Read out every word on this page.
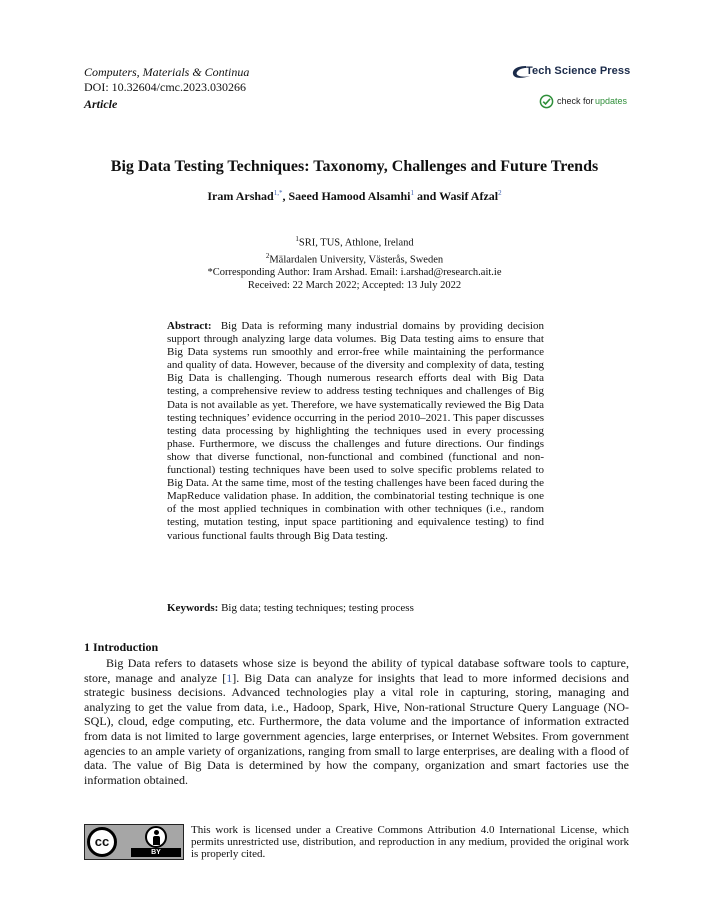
Computers, Materials & Continua
DOI: 10.32604/cmc.2023.030266
Article
Tech Science Press
check for updates
Big Data Testing Techniques: Taxonomy, Challenges and Future Trends
Iram Arshad$^{1,*}$, Saeed Hamood Alsamhi$^1$ and Wasif Afzal$^2$
$^1$SRI, TUS, Athlone, Ireland
$^2$Mälardalen University, Västerås, Sweden
*Corresponding Author: Iram Arshad. Email: i.arshad@research.ait.ie
Received: 22 March 2022; Accepted: 13 July 2022
Abstract: Big Data is reforming many industrial domains by providing decision support through analyzing large data volumes. Big Data testing aims to ensure that Big Data systems run smoothly and error-free while maintaining the performance and quality of data. However, because of the diversity and complexity of data, testing Big Data is challenging. Though numerous research efforts deal with Big Data testing, a comprehensive review to address testing techniques and challenges of Big Data is not available as yet. Therefore, we have systematically reviewed the Big Data testing techniques’ evidence occurring in the period 2010–2021. This paper discusses testing data processing by highlighting the techniques used in every processing phase. Furthermore, we discuss the challenges and future directions. Our findings show that diverse functional, non-functional and combined (functional and non-functional) testing techniques have been used to solve specific problems related to Big Data. At the same time, most of the testing challenges have been faced during the MapReduce validation phase. In addition, the combinatorial testing technique is one of the most applied techniques in combination with other techniques (i.e., random testing, mutation testing, input space partitioning and equivalence testing) to find various functional faults through Big Data testing.
Keywords: Big data; testing techniques; testing process
1 Introduction
Big Data refers to datasets whose size is beyond the ability of typical database software tools to capture, store, manage and analyze [1]. Big Data can analyze for insights that lead to more informed decisions and strategic business decisions. Advanced technologies play a vital role in capturing, storing, managing and analyzing to get the value from data, i.e., Hadoop, Spark, Hive, Non-rational Structure Query Language (NO-SQL), cloud, edge computing, etc. Furthermore, the data volume and the importance of information extracted from data is not limited to large government agencies, large enterprises, or Internet Websites. From government agencies to an ample variety of organizations, ranging from small to large enterprises, are dealing with a flood of data. The value of Big Data is determined by how the company, organization and smart factories use the information obtained.
cc
BY
This work is licensed under a Creative Commons Attribution 4.0 International License, which permits unrestricted use, distribution, and reproduction in any medium, provided the original work is properly cited.
